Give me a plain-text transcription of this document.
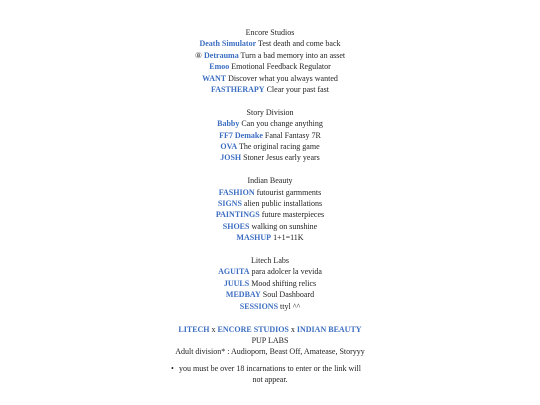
Encore Studios
Death Simulator Test death and come back
⑧ Detrauma Turn a bad memory into an asset
Emoo Emotional Feedback Regulator
WANT Discover what you always wanted
FASTHERAPY Clear your past fast
Story Division
Babby Can you change anything
FF7 Demake Fanal Fantasy 7R
OVA The original racing game
JOSH Stoner Jesus early years
Indian Beauty
FASHION futourist garmments
SIGNS alien public installations
PAINTINGS future masterpieces
SHOES walking on sunshine
MASHUP 1+1=11K
Litech Labs
AGUITA para adolcer la vevida
JUULS Mood shifting relics
MEDBAY Soul Dashboard
SESSIONS ttyl ^^
LITECH x ENCORE STUDIOS x INDIAN BEAUTY
PUP LABS
Adult division* : Audioporn, Beast Off, Amatease, Storyyy
• you must be over 18 incarnations to enter or the link will not appear.
